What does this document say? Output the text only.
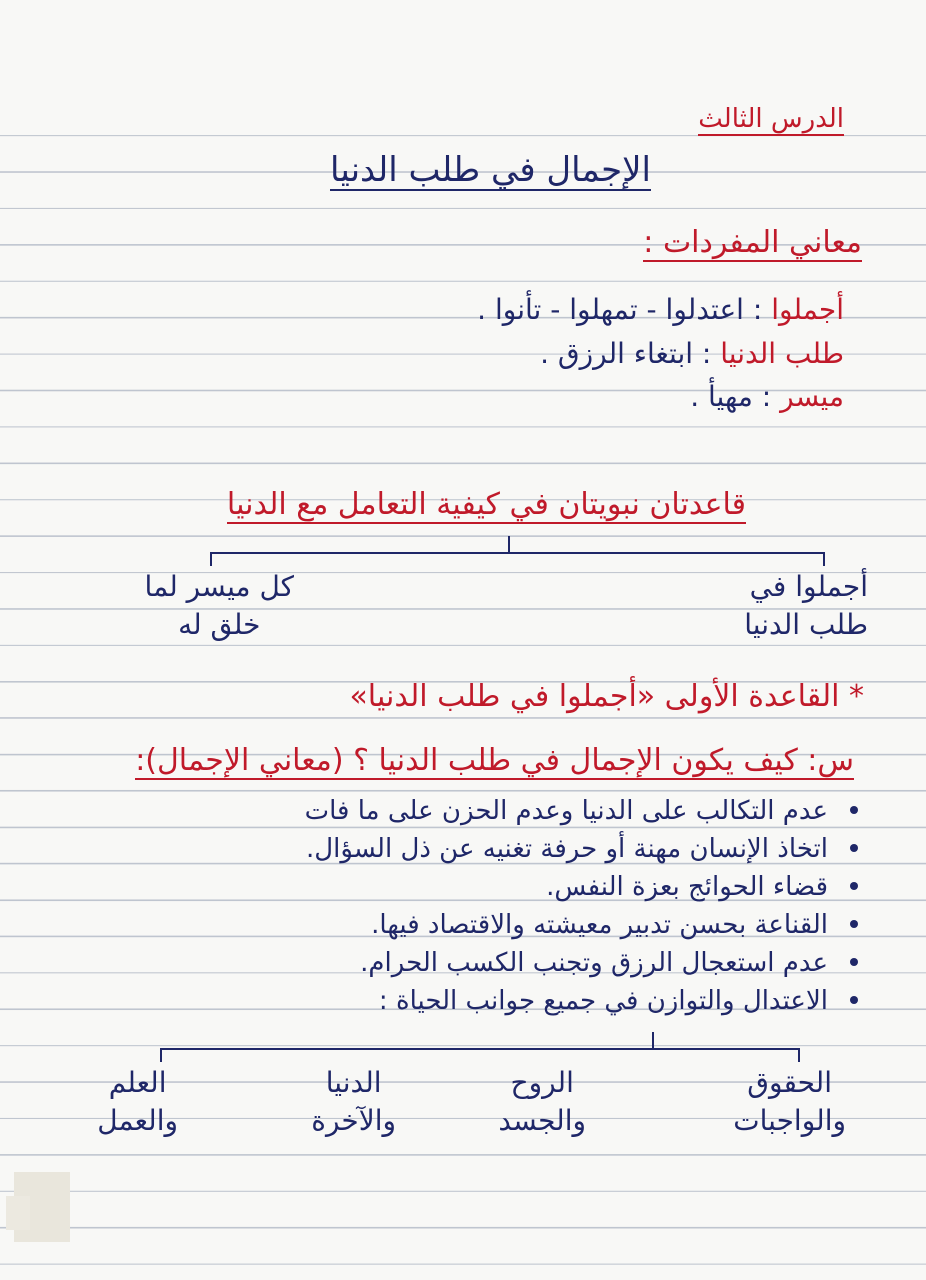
الدرس الثالث
الإجمال في طلب الدنيا
معاني المفردات :
أجملوا : اعتدلوا - تمهلوا - تأنوا .
طلب الدنيا : ابتغاء الرزق .
ميسر : مهيأ .
قاعدتان نبويتان في كيفية التعامل مع الدنيا
أجملوا في
طلب الدنيا
كل ميسر لما
خلق له
* القاعدة الأولى «أجملوا في طلب الدنيا»
س: كيف يكون الإجمال في طلب الدنيا ؟ (معاني الإجمال):
عدم التكالب على الدنيا وعدم الحزن على ما فات
اتخاذ الإنسان مهنة أو حرفة تغنيه عن ذل السؤال.
قضاء الحوائج بعزة النفس.
القناعة بحسن تدبير معيشته والاقتصاد فيها.
عدم استعجال الرزق وتجنب الكسب الحرام.
الاعتدال والتوازن في جميع جوانب الحياة :
الحقوق
والواجبات
الروح
والجسد
الدنيا
والآخرة
العلم
والعمل
